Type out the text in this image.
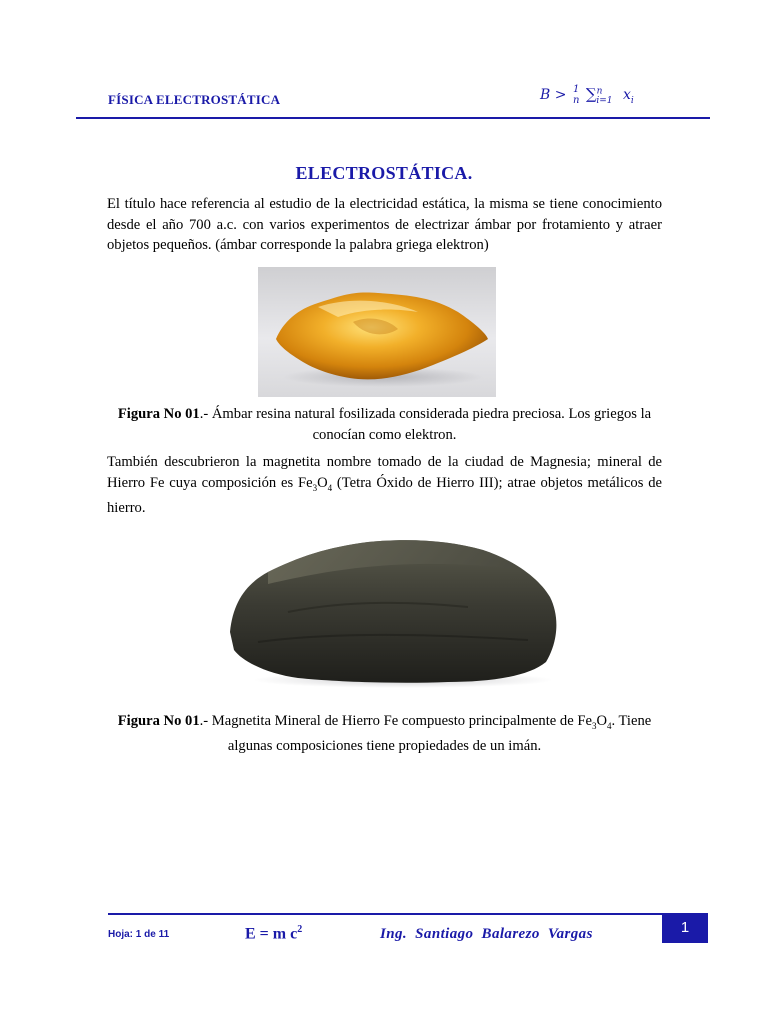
FÍSICA ELECTROSTÁTICA	B > 1
n ∑$^n_{i=1}$ $x_i$
ELECTROSTÁTICA.
El título hace referencia al estudio de la electricidad estática, la misma se tiene conocimiento desde el año 700 a.c. con varios experimentos de electrizar ámbar por frotamiento y atraer objetos pequeños. (ámbar corresponde la palabra griega elektron)
Figura No 01.- Ámbar resina natural fosilizada considerada piedra preciosa. Los griegos la conocían como elektron.
También descubrieron la magnetita nombre tomado de la ciudad de Magnesia; mineral de Hierro Fe cuya composición es $Fe_3O_4$ (Tetra Óxido de Hierro III); atrae objetos metálicos de hierro.
Figura No 01.- Magnetita Mineral de Hierro Fe compuesto principalmente de $Fe_3O_4$. Tiene algunas composiciones tiene propiedades de un imán.
Hoja: 1 de 11	E = m $c^2$	Ing. Santiago Balarezo Vargas	1
